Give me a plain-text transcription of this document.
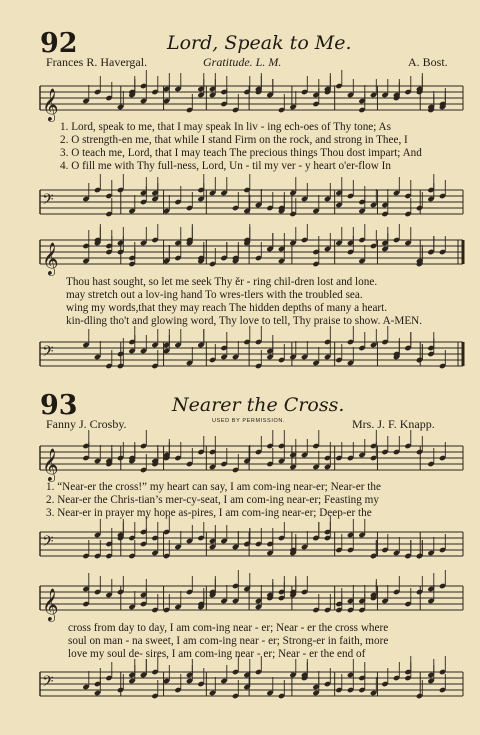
92	Lord, Speak to Me.
Frances R. Havergal.	Gratitude. L. M.	A. Bost.
𝄞
1. Lord, speak to me, that I may speak In liv - ing ech-oes of Thy tone; As
2. O strength-en me, that while I stand Firm on the rock, and strong in Thee, I
3. O teach me, Lord, that I may teach The precious things Thou dost impart; And
4. O fill me with Thy full-ness, Lord, Un - til my ver - y heart o'er-flow In
𝄢
𝄞
Thou hast sought, so let me seek Thy ěr - ring chil-dren lost and lone.
may stretch out a lov-ing hand To wres-tlers with the troubled sea.
wing my words,that they may reach The hidden depths of many a heart.
kin-dling tho't and glowing word, Thy love to tell, Thy praise to show. A-MEN.
𝄢
93	Nearer the Cross.
Fanny J. Crosby.	USED BY PERMISSION.	Mrs. J. F. Knapp.
𝄞
1. “Near-er the cross!” my heart can say, I am com-ing near-er; Near-er the
2. Near-er the Chris-tian’s mer-cy-seat, I am com-ing near-er; Feasting my
3. Near-er in prayer my hope as-pires, I am com-ing near-er; Deep-er the
𝄢
𝄞
cross from day to day, I am com-ing near - er; Near - er the cross where
soul on man - na sweet, I am com-ing near - er; Strong-er in faith, more
love my soul de- sires, I am com-ing near - er; Near - er the end of
𝄢
